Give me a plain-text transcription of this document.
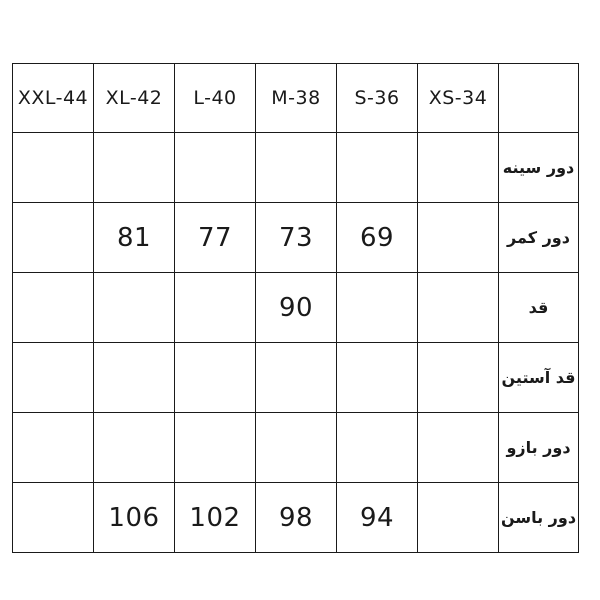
XXL-44	XL-42	L-40	M-38	S-36	XS-34	
						دور سینه
	81	77	73	69		دور کمر
			90			قد
						قد آستین
						دور بازو
	106	102	98	94		دور باسن
